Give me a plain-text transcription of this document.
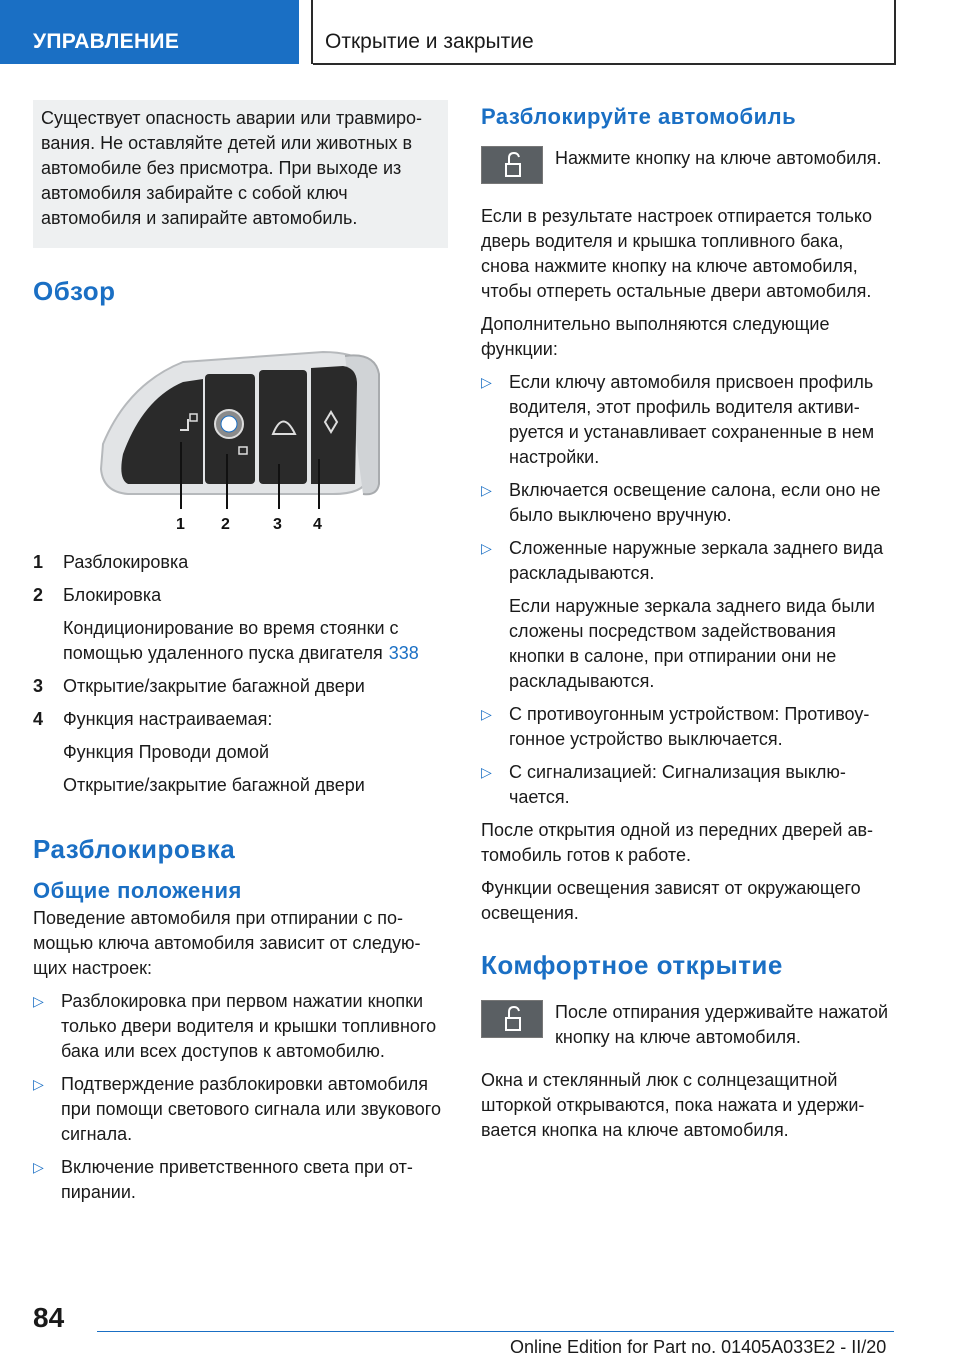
УПРАВЛЕНИЕ	Открытие и закрытие
Существует опасность аварии или травмирования. Не оставляйте детей или животных в автомобиле без присмотра. При выходе из автомобиля забирайте с собой ключ автомобиля и запирайте автомобиль.
Обзор
1 2	3 4
1	Разблокировка
2	Блокировка
Кондиционирование во время стоянки с помощью удаленного пуска двигателя 338
3	Открытие/закрытие багажной двери
4	Функция настраиваемая:
Функция Проводи домой
Открытие/закрытие багажной двери
Разблокировка
Общие положения

Поведение автомобиля при отпирании с помощью ключа автомобиля зависит от следующих настроек:

▷ Разблокировка при первом нажатии кнопки только двери водителя и крышки топливного бака или всех доступов к автомобилю.
▷ Подтверждение разблокировки автомобиля при помощи светового сигнала или звукового сигнала.
▷ Включение приветственного света при отпирании.
Разблокируйте автомобиль
Нажмите кнопку на ключе автомобиля.

Если в результате настроек отпирается только дверь водителя и крышка топливного бака, снова нажмите кнопку на ключе автомобиля, чтобы отпереть остальные двери автомобиля.

Дополнительно выполняются следующие функции:

▷ Если ключу автомобиля присвоен профиль водителя, этот профиль водителя активируется и устанавливает сохраненные в нем настройки.
▷ Включается освещение салона, если оно не было выключено вручную.
▷ Сложенные наружные зеркала заднего вида раскладываются.
Если наружные зеркала заднего вида были сложены посредством задействования кнопки в салоне, при отпирании они не раскладываются.
▷ С противоугонным устройством: Противоугонное устройство выключается.
▷ С сигнализацией: Сигнализация выключается.

После открытия одной из передних дверей автомобиль готов к работе.

Функции освещения зависят от окружающего освещения.

Комфортное открытие
После отпирания удерживайте нажатой кнопку на ключе автомобиля.

Окна и стеклянный люк с солнцезащитной шторкой открываются, пока нажата и удерживается кнопка на ключе автомобиля.

84
Online Edition for Part no. 01405A033E2 - II/20
